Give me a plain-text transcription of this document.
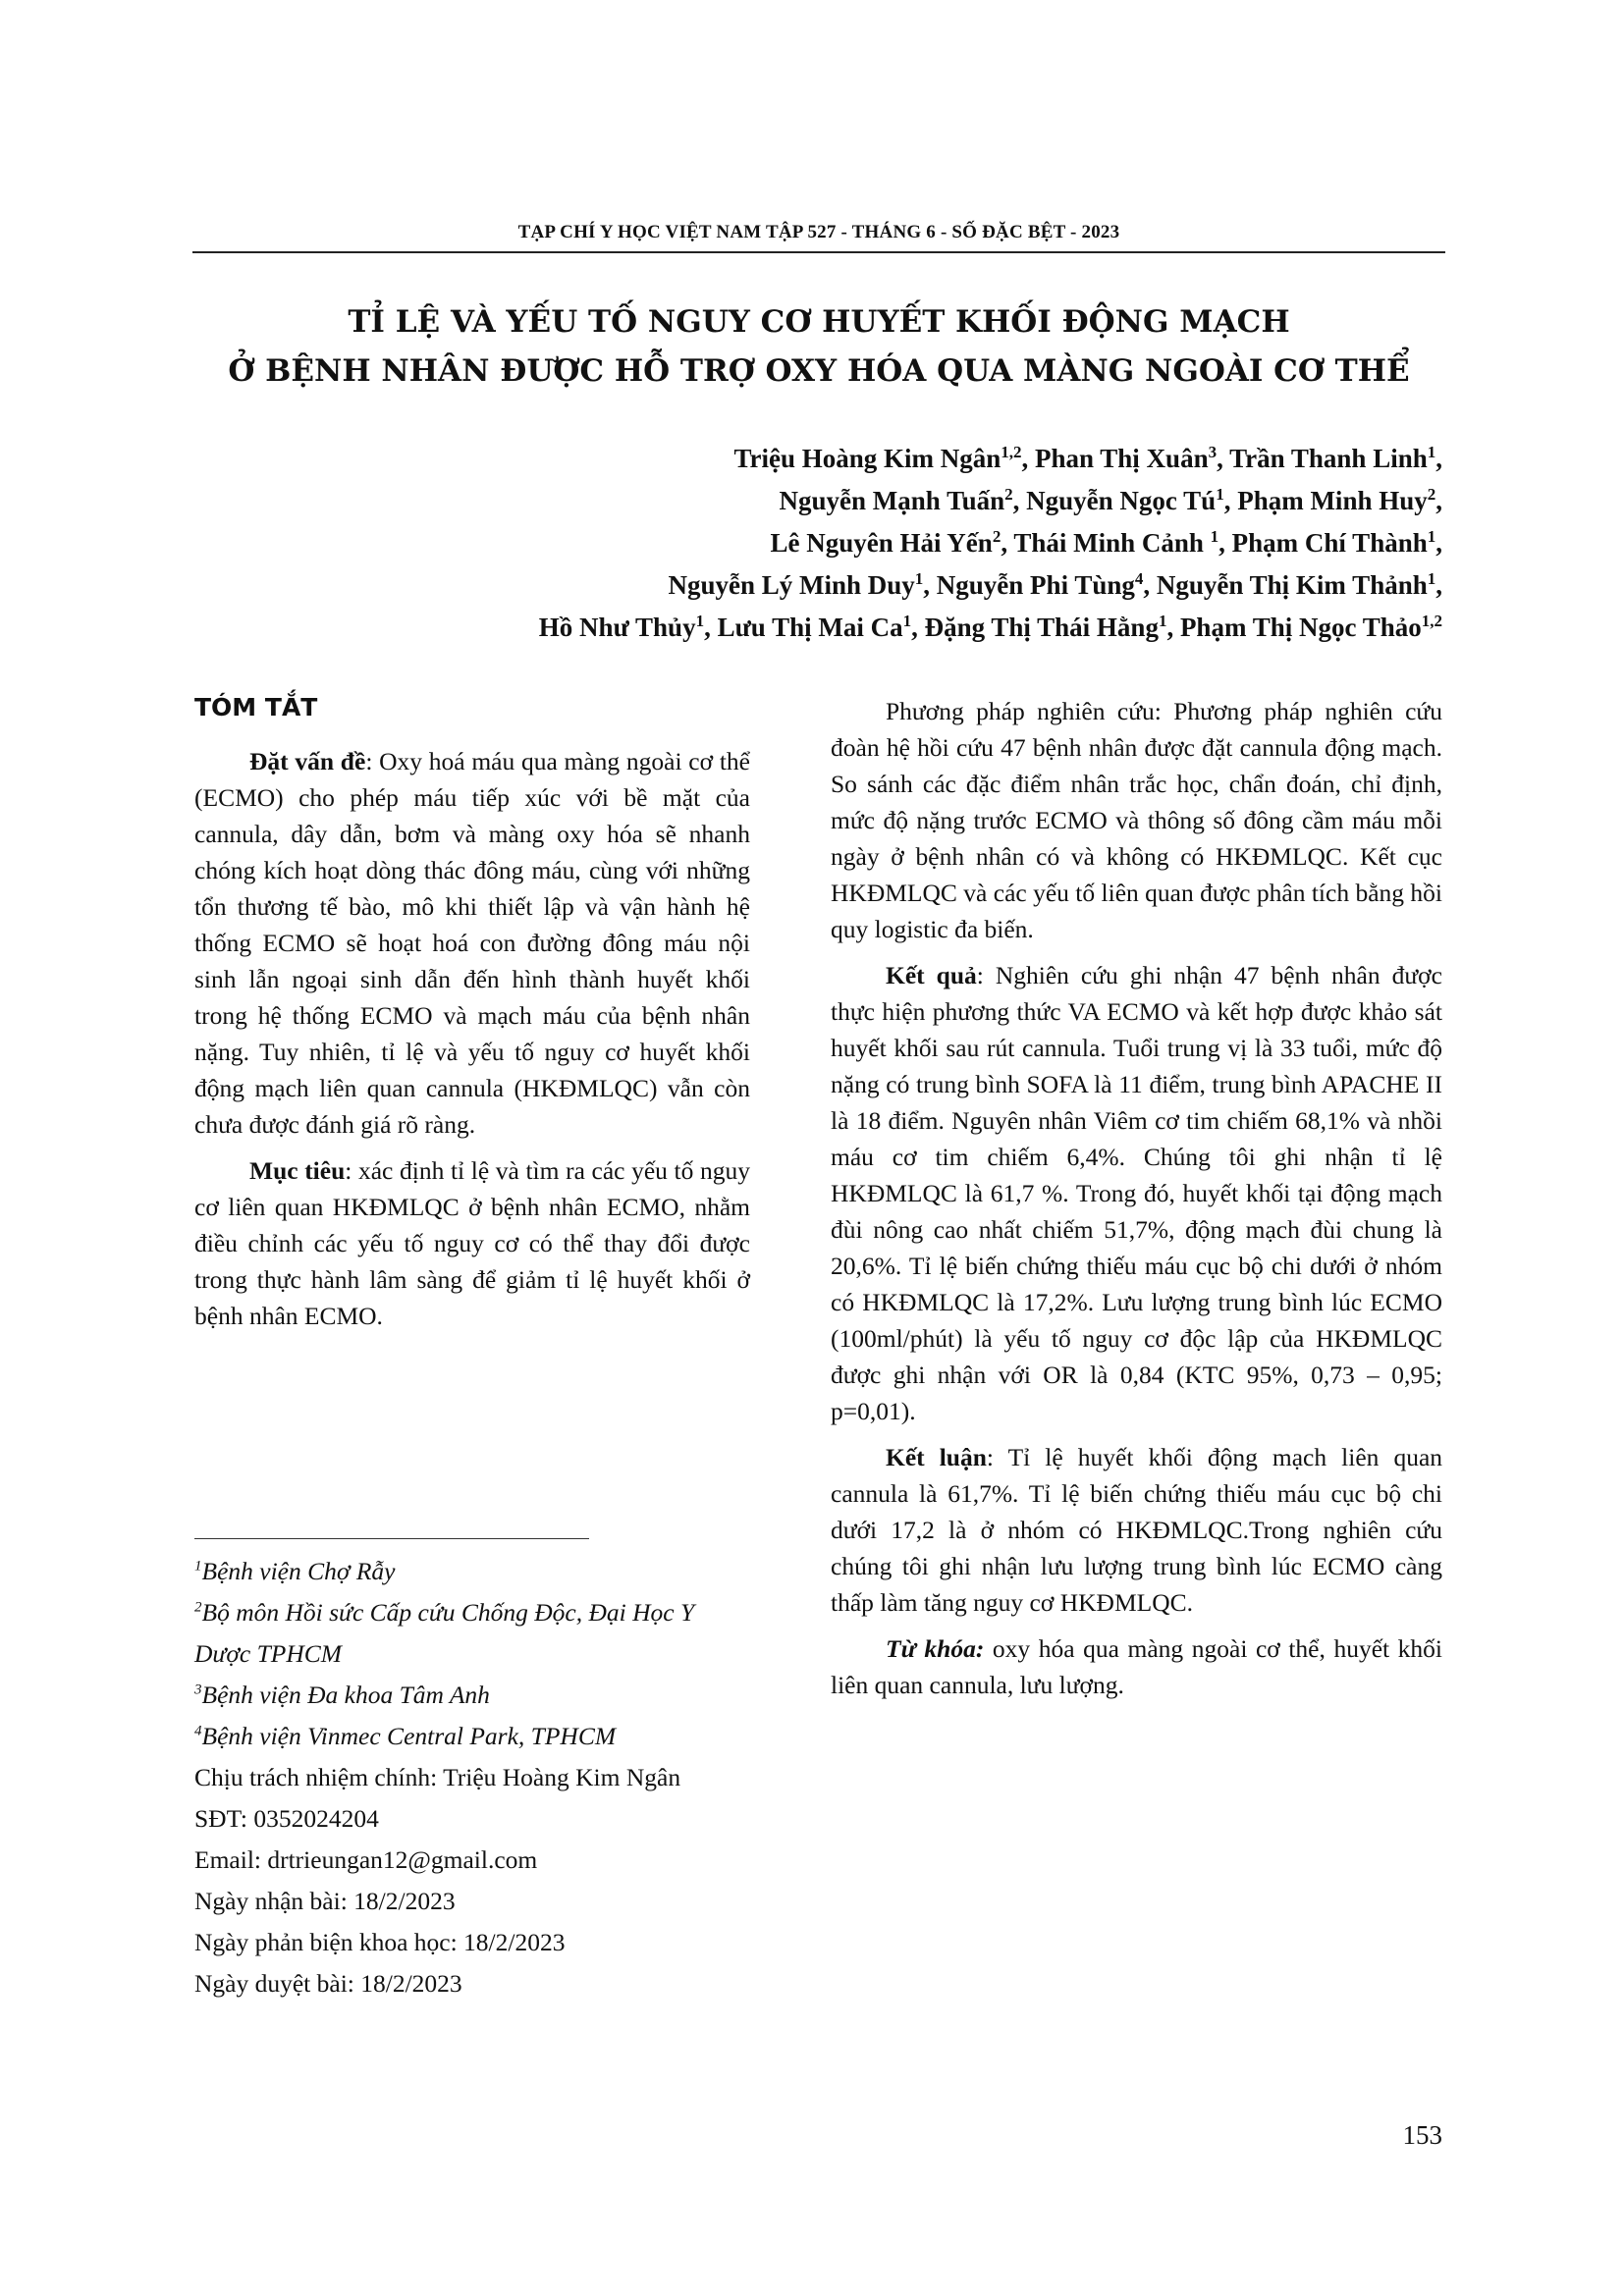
TẠP CHÍ Y HỌC VIỆT NAM TẬP 527 - THÁNG 6 - SỐ ĐẶC BỆT - 2023
TỈ LỆ VÀ YẾU TỐ NGUY CƠ HUYẾT KHỐI ĐỘNG MẠCH
Ở BỆNH NHÂN ĐƯỢC HỖ TRỢ OXY HÓA QUA MÀNG NGOÀI CƠ THỂ
Triệu Hoàng Kim Ngân$^{1,2}$, Phan Thị Xuân$^3$, Trần Thanh Linh$^1$,
Nguyễn Mạnh Tuấn$^2$, Nguyễn Ngọc $Tú^1$, Phạm Minh Huy$^2$,
Lê Nguyên Hải Yến$^2$, Thái Minh Cảnh $^1$, Phạm Chí Thành$^1$,
Nguyễn Lý Minh Duy$^1$, Nguyễn Phi Tùng$^4$, Nguyễn Thị Kim Thảnh$^1$,
Hồ Như Thủy$^1$, Lưu Thị Mai Ca$^1$, Đặng Thị Thái Hằng$^1$, Phạm Thị Ngọc Thảo$^{1,2}$
TÓM TẮT

Đặt vấn đề: Oxy hoá máu qua màng ngoài cơ thể (ECMO) cho phép máu tiếp xúc với bề mặt của cannula, dây dẫn, bơm và màng oxy hóa sẽ nhanh chóng kích hoạt dòng thác đông máu, cùng với những tổn thương tế bào, mô khi thiết lập và vận hành hệ thống ECMO sẽ hoạt hoá con đường đông máu nội sinh lẫn ngoại sinh dẫn đến hình thành huyết khối trong hệ thống ECMO và mạch máu của bệnh nhân nặng. Tuy nhiên, tỉ lệ và yếu tố nguy cơ huyết khối động mạch liên quan cannula (HKĐMLQC) vẫn còn chưa được đánh giá rõ ràng.

Mục tiêu: xác định tỉ lệ và tìm ra các yếu tố nguy cơ liên quan HKĐMLQC ở bệnh nhân ECMO, nhằm điều chỉnh các yếu tố nguy cơ có thể thay đổi được trong thực hành lâm sàng để giảm tỉ lệ huyết khối ở bệnh nhân ECMO.

$^1$Bệnh viện Chợ Rẫy
$^2$Bộ môn Hồi sức Cấp cứu Chống Độc, Đại Học Y Dược TPHCM
$^3$Bệnh viện Đa khoa Tâm Anh
$^4$Bệnh viện Vinmec Central Park, TPHCM
Chịu trách nhiệm chính: Triệu Hoàng Kim Ngân
SĐT: 0352024204
Email: drtrieungan12@gmail.com
Ngày nhận bài: 18/2/2023
Ngày phản biện khoa học: 18/2/2023
Ngày duyệt bài: 18/2/2023

Phương pháp nghiên cứu: Phương pháp nghiên cứu đoàn hệ hồi cứu 47 bệnh nhân được đặt cannula động mạch. So sánh các đặc điểm nhân trắc học, chẩn đoán, chỉ định, mức độ nặng trước ECMO và thông số đông cầm máu mỗi ngày ở bệnh nhân có và không có HKĐMLQC. Kết cục HKĐMLQC và các yếu tố liên quan được phân tích bằng hồi quy logistic đa biến.

Kết quả: Nghiên cứu ghi nhận 47 bệnh nhân được thực hiện phương thức VA ECMO và kết hợp được khảo sát huyết khối sau rút cannula. Tuổi trung vị là 33 tuổi, mức độ nặng có trung bình SOFA là 11 điểm, trung bình APACHE II là 18 điểm. Nguyên nhân Viêm cơ tim chiếm 68,1% và nhồi máu cơ tim chiếm 6,4%. Chúng tôi ghi nhận tỉ lệ HKĐMLQC là 61,7 %. Trong đó, huyết khối tại động mạch đùi nông cao nhất chiếm 51,7%, động mạch đùi chung là 20,6%. Tỉ lệ biến chứng thiếu máu cục bộ chi dưới ở nhóm có HKĐMLQC là 17,2%. Lưu lượng trung bình lúc ECMO (100ml/phút) là yếu tố nguy cơ độc lập của HKĐMLQC được ghi nhận với OR là 0,84 (KTC 95%, 0,73 – 0,95; p=0,01).

Kết luận: Tỉ lệ huyết khối động mạch liên quan cannula là 61,7%. Tỉ lệ biến chứng thiếu máu cục bộ chi dưới 17,2 là ở nhóm có HKĐMLQC.Trong nghiên cứu chúng tôi ghi nhận lưu lượng trung bình lúc ECMO càng thấp làm tăng nguy cơ HKĐMLQC.

Từ khóa: oxy hóa qua màng ngoài cơ thể, huyết khối liên quan cannula, lưu lượng.

153
